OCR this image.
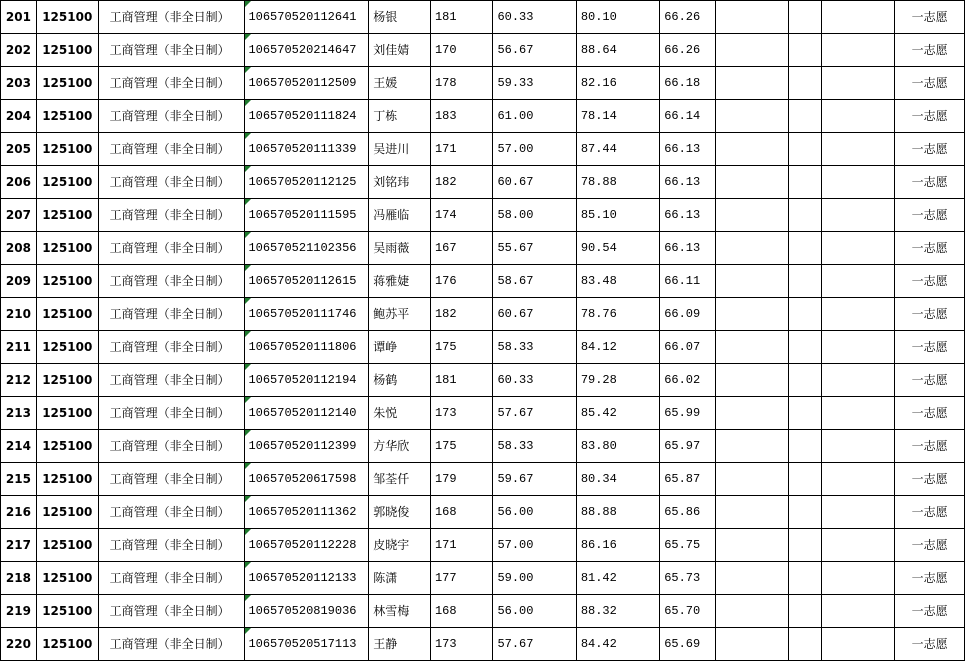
201	125100	工商管理（非全日制）	106570520112641	杨银	181	60.33	80.10	66.26				一志愿
202	125100	工商管理（非全日制）	106570520214647	刘佳婧	170	56.67	88.64	66.26				一志愿
203	125100	工商管理（非全日制）	106570520112509	王媛	178	59.33	82.16	66.18				一志愿
204	125100	工商管理（非全日制）	106570520111824	丁栋	183	61.00	78.14	66.14				一志愿
205	125100	工商管理（非全日制）	106570520111339	吴进川	171	57.00	87.44	66.13				一志愿
206	125100	工商管理（非全日制）	106570520112125	刘铭玮	182	60.67	78.88	66.13				一志愿
207	125100	工商管理（非全日制）	106570520111595	冯雁临	174	58.00	85.10	66.13				一志愿
208	125100	工商管理（非全日制）	106570521102356	吴雨薇	167	55.67	90.54	66.13				一志愿
209	125100	工商管理（非全日制）	106570520112615	蒋雅婕	176	58.67	83.48	66.11				一志愿
210	125100	工商管理（非全日制）	106570520111746	鲍苏平	182	60.67	78.76	66.09				一志愿
211	125100	工商管理（非全日制）	106570520111806	谭峥	175	58.33	84.12	66.07				一志愿
212	125100	工商管理（非全日制）	106570520112194	杨鹤	181	60.33	79.28	66.02				一志愿
213	125100	工商管理（非全日制）	106570520112140	朱悦	173	57.67	85.42	65.99				一志愿
214	125100	工商管理（非全日制）	106570520112399	方华欣	175	58.33	83.80	65.97				一志愿
215	125100	工商管理（非全日制）	106570520617598	邹荃仟	179	59.67	80.34	65.87				一志愿
216	125100	工商管理（非全日制）	106570520111362	郭晓俊	168	56.00	88.88	65.86				一志愿
217	125100	工商管理（非全日制）	106570520112228	皮晓宇	171	57.00	86.16	65.75				一志愿
218	125100	工商管理（非全日制）	106570520112133	陈潇	177	59.00	81.42	65.73				一志愿
219	125100	工商管理（非全日制）	106570520819036	林雪梅	168	56.00	88.32	65.70				一志愿
220	125100	工商管理（非全日制）	106570520517113	王静	173	57.67	84.42	65.69				一志愿
